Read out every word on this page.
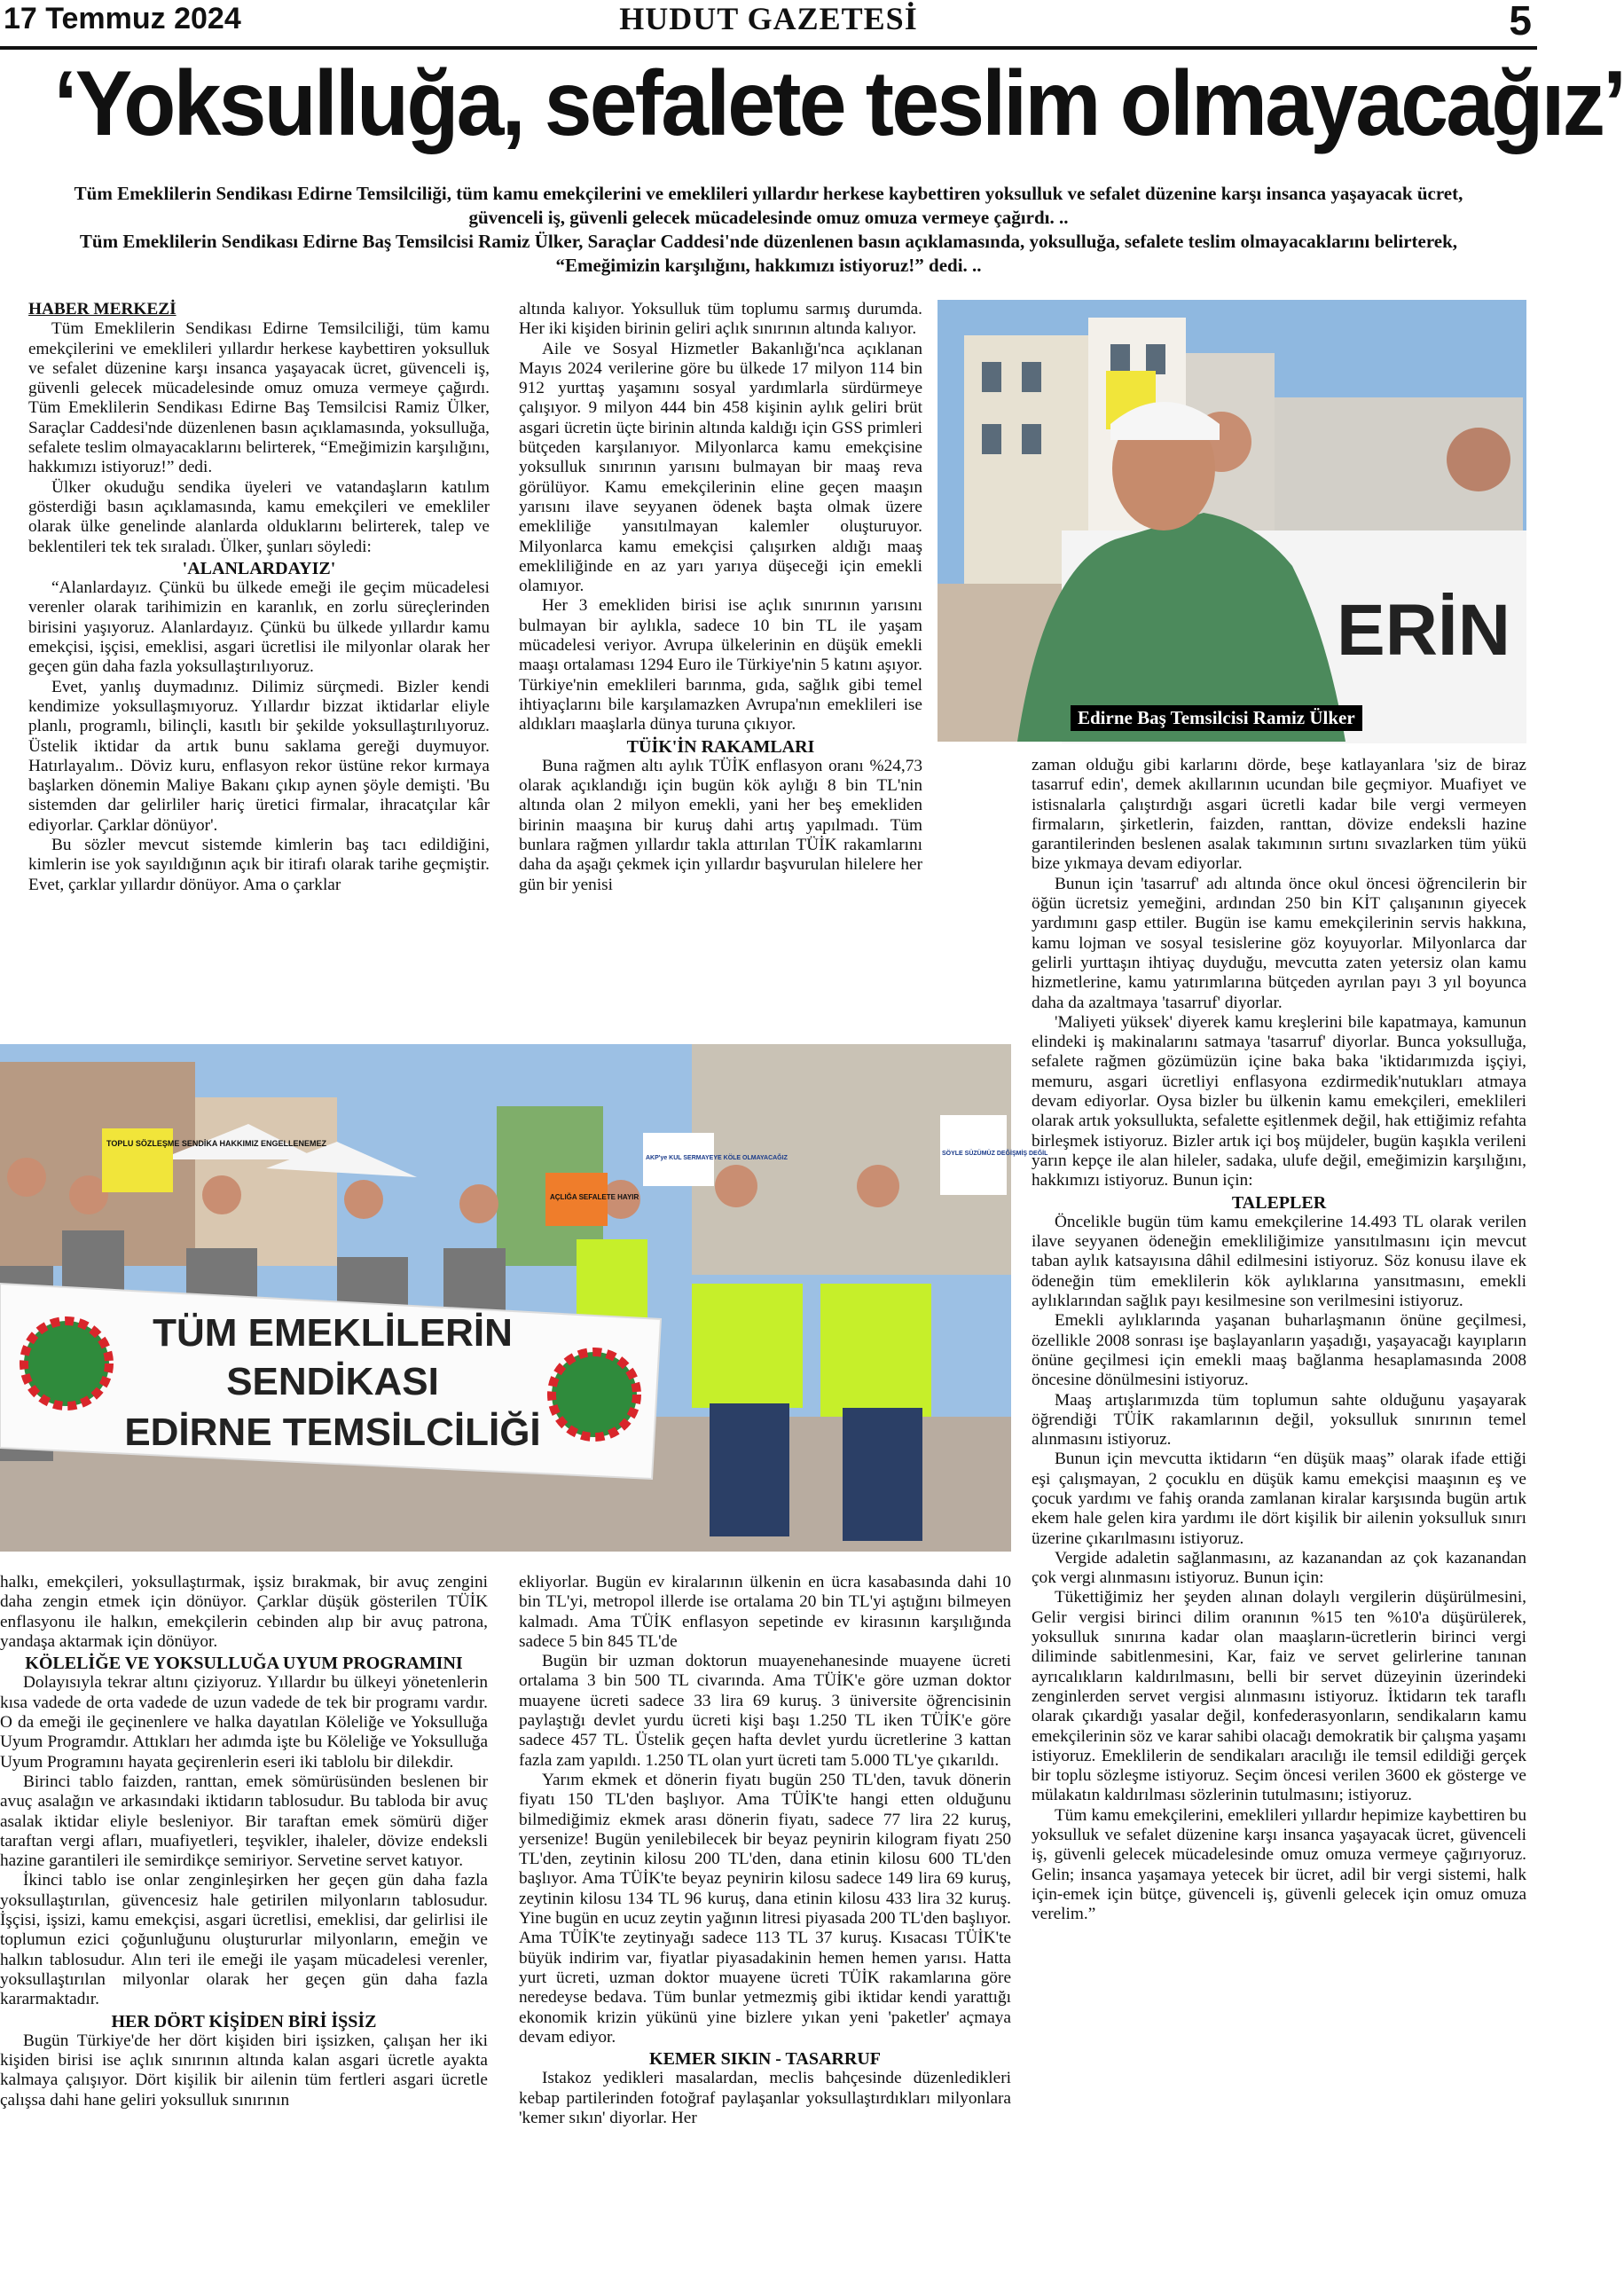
17 Temmuz 2024	HUDUT GAZETESİ	5
‘Yoksulluğa, sefalete teslim olmayacağız’
Tüm Emeklilerin Sendikası Edirne Temsilciliği, tüm kamu emekçilerini ve emeklileri yıllardır herkese kaybettiren yoksulluk ve sefalet düzenine karşı insanca yaşayacak ücret, güvenceli iş, güvenli gelecek mücadelesinde omuz omuza vermeye çağırdı. ..
Tüm Emeklilerin Sendikası Edirne Baş Temsilcisi Ramiz Ülker, Saraçlar Caddesi'nde düzenlenen basın açıklamasında, yoksulluğa, sefalete teslim olmayacaklarını belirterek, “Emeğimizin karşılığını, hakkımızı istiyoruz!” dedi. ..

HABER MERKEZİ

Tüm Emeklilerin Sendikası Edirne Temsilciliği, tüm kamu emekçilerini ve emeklileri yıllardır herkese kaybettiren yoksulluk ve sefalet düzenine karşı insanca yaşayacak ücret, güvenceli iş, güvenli gelecek mücadelesinde omuz omuza vermeye çağırdı. Tüm Emeklilerin Sendikası Edirne Baş Temsilcisi Ramiz Ülker, Saraçlar Caddesi'nde düzenlenen basın açıklamasında, yoksulluğa, sefalete teslim olmayacaklarını belirterek, “Emeğimizin karşılığını, hakkımızı istiyoruz!” dedi.

Ülker okuduğu sendika üyeleri ve vatandaşların katılım gösterdiği basın açıklamasında, kamu emekçileri ve emekliler olarak ülke genelinde alanlarda olduklarını belirterek, talep ve beklentileri tek tek sıraladı. Ülker, şunları söyledi:

'ALANLARDAYIZ'

“Alanlardayız. Çünkü bu ülkede emeği ile geçim mücadelesi verenler olarak tarihimizin en karanlık, en zorlu süreçlerinden birisini yaşıyoruz. Alanlardayız. Çünkü bu ülkede yıllardır kamu emekçisi, işçisi, emeklisi, asgari ücretlisi ile milyonlar olarak her geçen gün daha fazla yoksullaştırılıyoruz.

Evet, yanlış duymadınız. Dilimiz sürçmedi. Bizler kendi kendimize yoksullaşmıyoruz. Yıllardır bizzat iktidarlar eliyle planlı, programlı, bilinçli, kasıtlı bir şekilde yoksullaştırılıyoruz. Üstelik iktidar da artık bunu saklama gereği duymuyor. Hatırlayalım.. Döviz kuru, enflasyon rekor üstüne rekor kırmaya başlarken dönemin Maliye Bakanı çıkıp aynen şöyle demişti. 'Bu sistemden dar gelirliler hariç üretici firmalar, ihracatçılar kâr ediyorlar. Çarklar dönüyor'.

Bu sözler mevcut sistemde kimlerin baş tacı edildiğini, kimlerin ise yok sayıldığının açık bir itirafı olarak tarihe geçmiştir. Evet, çarklar yıllardır dönüyor. Ama o çarklar

altında kalıyor. Yoksulluk tüm toplumu sarmış durumda. Her iki kişiden birinin geliri açlık sınırının altında kalıyor.

Aile ve Sosyal Hizmetler Bakanlığı'nca açıklanan Mayıs 2024 verilerine göre bu ülkede 17 milyon 114 bin 912 yurttaş yaşamını sosyal yardımlarla sürdürmeye çalışıyor. 9 milyon 444 bin 458 kişinin aylık geliri brüt asgari ücretin üçte birinin altında kaldığı için GSS primleri bütçeden karşılanıyor. Milyonlarca kamu emekçisine yoksulluk sınırının yarısını bulmayan bir maaş reva görülüyor. Kamu emekçilerinin eline geçen maaşın yarısını ilave seyyanen ödenek başta olmak üzere emekliliğe yansıtılmayan kalemler oluşturuyor. Milyonlarca kamu emekçisi çalışırken aldığı maaş emekliliğinde en az yarı yarıya düşeceği için emekli olamıyor.

Her 3 emekliden birisi ise açlık sınırının yarısını bulmayan bir aylıkla, sadece 10 bin TL ile yaşam mücadelesi veriyor. Avrupa ülkelerinin en düşük emekli maaşı ortalaması 1294 Euro ile Türkiye'nin 5 katını aşıyor. Türkiye'nin emeklileri barınma, gıda, sağlık gibi temel ihtiyaçlarını bile karşılamazken Avrupa'nın emeklileri ise aldıkları maaşlarla dünya turuna çıkıyor.

TÜİK'İN RAKAMLARI

Buna rağmen altı aylık TÜİK enflasyon oranı %24,73 olarak açıklandığı için bugün kök aylığı 8 bin TL'nin altında olan 2 milyon emekli, yani her beş emekliden birinin maaşına bir kuruş dahi artış yapılmadı. Tüm bunlara rağmen yıllardır takla attırılan TÜİK rakamlarını daha da aşağı çekmek için yıllardır başvurulan hilelere her gün bir yenisi

ERİN
Edirne Baş Temsilcisi Ramiz Ülker

zaman olduğu gibi karlarını dörde, beşe katlayanlara 'siz de biraz tasarruf edin', demek akıllarının ucundan bile geçmiyor. Muafiyet ve istisnalarla çalıştırdığı asgari ücretli kadar bile vergi vermeyen firmaların, şirketlerin, faizden, ranttan, dövize endeksli hazine garantilerinden beslenen asalak takımının sırtını sıvazlarken tüm yükü bize yıkmaya devam ediyorlar.

Bunun için 'tasarruf' adı altında önce okul öncesi öğrencilerin bir öğün ücretsiz yemeğini, ardından 250 bin KİT çalışanının giyecek yardımını gasp ettiler. Bugün ise kamu emekçilerinin servis hakkına, kamu lojman ve sosyal tesislerine göz koyuyorlar. Milyonlarca dar gelirli yurttaşın ihtiyaç duyduğu, mevcutta zaten yetersiz olan kamu hizmetlerine, kamu yatırımlarına bütçeden ayrılan payı 3 yıl boyunca daha da azaltmaya 'tasarruf' diyorlar.

'Maliyeti yüksek' diyerek kamu kreşlerini bile kapatmaya, kamunun elindeki iş makinalarını satmaya 'tasarruf' diyorlar. Bunca yoksulluğa, sefalete rağmen gözümüzün içine baka baka 'iktidarımızda işçiyi, memuru, asgari ücretliyi enflasyona ezdirmedik'nutukları atmaya devam ediyorlar. Oysa bizler bu ülkenin kamu emekçileri, emeklileri olarak artık yoksullukta, sefalette eşitlenmek değil, hak ettiğimiz refahta birleşmek istiyoruz. Bizler artık içi boş müjdeler, bugün kaşıkla verileni yarın kepçe ile alan hileler, sadaka, ulufe değil, emeğimizin karşılığını, hakkımızı istiyoruz. Bunun için:

TALEPLER

Öncelikle bugün tüm kamu emekçilerine 14.493 TL olarak verilen ilave seyyanen ödeneğin emekliliğimize yansıtılmasını için mevcut taban aylık katsayısına dâhil edilmesini istiyoruz. Söz konusu ilave ek ödeneğin tüm emeklilerin kök aylıklarına yansıtmasını, emekli aylıklarından sağlık payı kesilmesine son verilmesini istiyoruz.

Emekli aylıklarında yaşanan buharlaşmanın önüne geçilmesi, özellikle 2008 sonrası işe başlayanların yaşadığı, yaşayacağı kayıpların önüne geçilmesi için emekli maaş bağlanma hesaplamasında 2008 öncesine dönülmesini istiyoruz.

Maaş artışlarımızda tüm toplumun sahte olduğunu yaşayarak öğrendiği TÜİK rakamlarının değil, yoksulluk sınırının temel alınmasını istiyoruz.

Bunun için mevcutta iktidarın “en düşük maaş” olarak ifade ettiği eşi çalışmayan, 2 çocuklu en düşük kamu emekçisi maaşının eş ve çocuk yardımı ve fahiş oranda zamlanan kiralar karşısında bugün artık ekem hale gelen kira yardımı ile dört kişilik bir ailenin yoksulluk sınırı üzerine çıkarılmasını istiyoruz.

Vergide adaletin sağlanmasını, az kazanandan az çok kazanandan çok vergi alınmasını istiyoruz. Bunun için:

Tükettiğimiz her şeyden alınan dolaylı vergilerin düşürülmesini, Gelir vergisi birinci dilim oranının %15 ten %10'a düşürülerek, yoksulluk sınırına kadar olan maaşların-ücretlerin birinci vergi diliminde sabitlenmesini, Kar, faiz ve servet gelirlerine tanınan ayrıcalıkların kaldırılmasını, belli bir servet düzeyinin üzerindeki zenginlerden servet vergisi alınmasını istiyoruz. İktidarın tek taraflı olarak çıkardığı yasalar değil, konfederasyonların, sendikaların kamu emekçilerinin söz ve karar sahibi olacağı demokratik bir çalışma yaşamı istiyoruz. Emeklilerin de sendikaları aracılığı ile temsil edildiği gerçek bir toplu sözleşme istiyoruz. Seçim öncesi verilen 3600 ek gösterge ve mülakatın kaldırılması sözlerinin tutulmasını; istiyoruz.

Tüm kamu emekçilerini, emeklileri yıllardır hepimize kaybettiren bu yoksulluk ve sefalet düzenine karşı insanca yaşayacak ücret, güvenceli iş, güvenli gelecek mücadelesinde omuz omuza vermeye çağırıyoruz. Gelin; insanca yaşamaya yetecek bir ücret, adil bir vergi sistemi, halk için-emek için bütçe, güvenceli iş, güvenli gelecek için omuz omuza verelim.”

TOPLU SÖZLEŞME SENDİKA HAKKIMIZ ENGELLENEMEZ
AÇLIĞA SEFALETE HAYIR
AKP'ye KUL SERMAYEYE KÖLE OLMAYACAĞIZ
SÖYLE SÜZÜMÜZ DEĞİŞMİŞ DEĞİL
TÜM EMEKLİLERİN
SENDİKASI
EDİRNE TEMSİLCİLİĞİ

halkı, emekçileri, yoksullaştırmak, işsiz bırakmak, bir avuç zengini daha zengin etmek için dönüyor. Çarklar düşük gösterilen TÜİK enflasyonu ile halkın, emekçilerin cebinden alıp bir avuç patrona, yandaşa aktarmak için dönüyor.

KÖLELİĞE VE YOKSULLUĞA UYUM PROGRAMINI

Dolayısıyla tekrar altını çiziyoruz. Yıllardır bu ülkeyi yönetenlerin kısa vadede de orta vadede de uzun vadede de tek bir programı vardır. O da emeği ile geçinenlere ve halka dayatılan Köleliğe ve Yoksulluğa Uyum Programdır. Attıkları her adımda işte bu Köleliğe ve Yoksulluğa Uyum Programını hayata geçirenlerin eseri iki tablolu bir dilekdir.

Birinci tablo faizden, ranttan, emek sömürüsünden beslenen bir avuç asalağın ve arkasındaki iktidarın tablosudur. Bu tabloda bir avuç asalak iktidar eliyle besleniyor. Bir taraftan emek sömürü diğer taraftan vergi afları, muafiyetleri, teşvikler, ihaleler, dövize endeksli hazine garantileri ile semirdikçe semiriyor. Servetine servet katıyor.

İkinci tablo ise onlar zenginleşirken her geçen gün daha fazla yoksullaştırılan, güvencesiz hale getirilen milyonların tablosudur. İşçisi, işsizi, kamu emekçisi, asgari ücretlisi, emeklisi, dar gelirlisi ile toplumun ezici çoğunluğunu oluştururlar milyonların, emeğin ve halkın tablosudur. Alın teri ile emeği ile yaşam mücadelesi verenler, yoksullaştırılan milyonlar olarak her geçen gün daha fazla kararmaktadır.

HER DÖRT KİŞİDEN BİRİ İŞSİZ

Bugün Türkiye'de her dört kişiden biri işsizken, çalışan her iki kişiden birisi ise açlık sınırının altında kalan asgari ücretle ayakta kalmaya çalışıyor. Dört kişilik bir ailenin tüm fertleri asgari ücretle çalışsa dahi hane geliri yoksulluk sınırının

ekliyorlar. Bugün ev kiralarının ülkenin en ücra kasabasında dahi 10 bin TL'yi, metropol illerde ise ortalama 20 bin TL'yi aştığını bilmeyen kalmadı. Ama TÜİK enflasyon sepetinde ev kirasının karşılığında sadece 5 bin 845 TL'de

Bugün bir uzman doktorun muayenehanesinde muayene ücreti ortalama 3 bin 500 TL civarında. Ama TÜİK'e göre uzman doktor muayene ücreti sadece 33 lira 69 kuruş. 3 üniversite öğrencisinin paylaştığı devlet yurdu ücreti kişi başı 1.250 TL iken TÜİK'e göre sadece 457 TL. Üstelik geçen hafta devlet yurdu ücretlerine 3 kattan fazla zam yapıldı. 1.250 TL olan yurt ücreti tam 5.000 TL'ye çıkarıldı.

Yarım ekmek et dönerin fiyatı bugün 250 TL'den, tavuk dönerin fiyatı 150 TL'den başlıyor. Ama TÜİK'te hangi etten olduğunu bilmediğimiz ekmek arası dönerin fiyatı, sadece 77 lira 22 kuruş, yersenize! Bugün yenilebilecek bir beyaz peynirin kilogram fiyatı 250 TL'den, zeytinin kilosu 200 TL'den, dana etinin kilosu 600 TL'den başlıyor. Ama TÜİK'te beyaz peynirin kilosu sadece 149 lira 69 kuruş, zeytinin kilosu 134 TL 96 kuruş, dana etinin kilosu 433 lira 32 kuruş. Yine bugün en ucuz zeytin yağının litresi piyasada 200 TL'den başlıyor. Ama TÜİK'te zeytinyağı sadece 113 TL 37 kuruş. Kısacası TÜİK'te büyük indirim var, fiyatlar piyasadakinin hemen hemen yarısı. Hatta yurt ücreti, uzman doktor muayene ücreti TÜİK rakamlarına göre neredeyse bedava. Tüm bunlar yetmezmiş gibi iktidar kendi yarattığı ekonomik krizin yükünü yine bizlere yıkan yeni 'paketler' açmaya devam ediyor.

KEMER SIKIN - TASARRUF

Istakoz yedikleri masalardan, meclis bahçesinde düzenledikleri kebap partilerinden fotoğraf paylaşanlar yoksullaştırdıkları milyonlara 'kemer sıkın' diyorlar. Her
